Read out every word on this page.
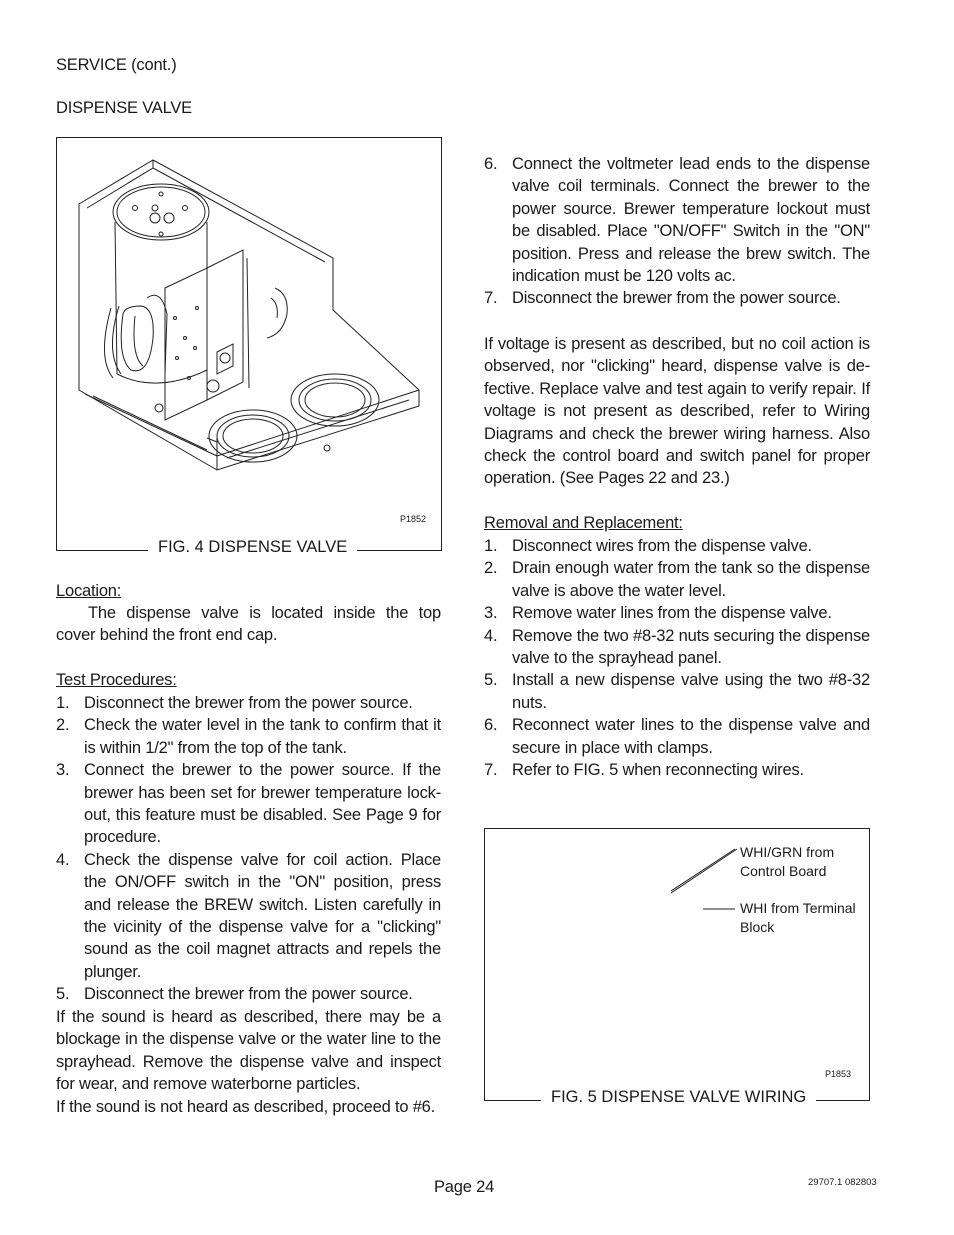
SERVICE (cont.)
DISPENSE VALVE
P1852
FIG. 4 DISPENSE VALVE
Location:
The dispense valve is located inside the top cover behind the front end cap.
Test Procedures:
1. Disconnect the brewer from the power source.
2. Check the water level in the tank to confirm that it is within 1/2" from the top of the tank.
3. Connect the brewer to the power source. If the brewer has been set for brewer temperature lock-out, this feature must be disabled. See Page 9 for procedure.
4. Check the dispense valve for coil action. Place the ON/OFF switch in the "ON" position, press and release the BREW switch. Listen carefully in the vicinity of the dispense valve for a "clicking" sound as the coil magnet attracts and repels the plunger.
5. Disconnect the brewer from the power source.
If the sound is heard as described, there may be a blockage in the dispense valve or the water line to the sprayhead. Remove the dispense valve and inspect for wear, and remove waterborne particles.
If the sound is not heard as described, proceed to #6.
6. Connect the voltmeter lead ends to the dispense valve coil terminals. Connect the brewer to the power source. Brewer temperature lockout must be disabled. Place "ON/OFF" Switch in the "ON" position. Press and release the brew switch. The indication must be 120 volts ac.
7. Disconnect the brewer from the power source.
If voltage is present as described, but no coil action is observed, nor "clicking" heard, dispense valve is de-fective. Replace valve and test again to verify repair. If voltage is not present as described, refer to Wiring Diagrams and check the brewer wiring harness. Also check the control board and switch panel for proper operation. (See Pages 22 and 23.)
Removal and Replacement:
1. Disconnect wires from the dispense valve.
2. Drain enough water from the tank so the dispense valve is above the water level.
3. Remove water lines from the dispense valve.
4. Remove the two #8-32 nuts securing the dispense valve to the sprayhead panel.
5. Install a new dispense valve using the two #8-32 nuts.
6. Reconnect water lines to the dispense valve and secure in place with clamps.
7. Refer to FIG. 5 when reconnecting wires.
WHI/GRN from
Control Board
WHI from Terminal
Block
P1853
FIG. 5 DISPENSE VALVE WIRING
Page 24	29707.1 082803
